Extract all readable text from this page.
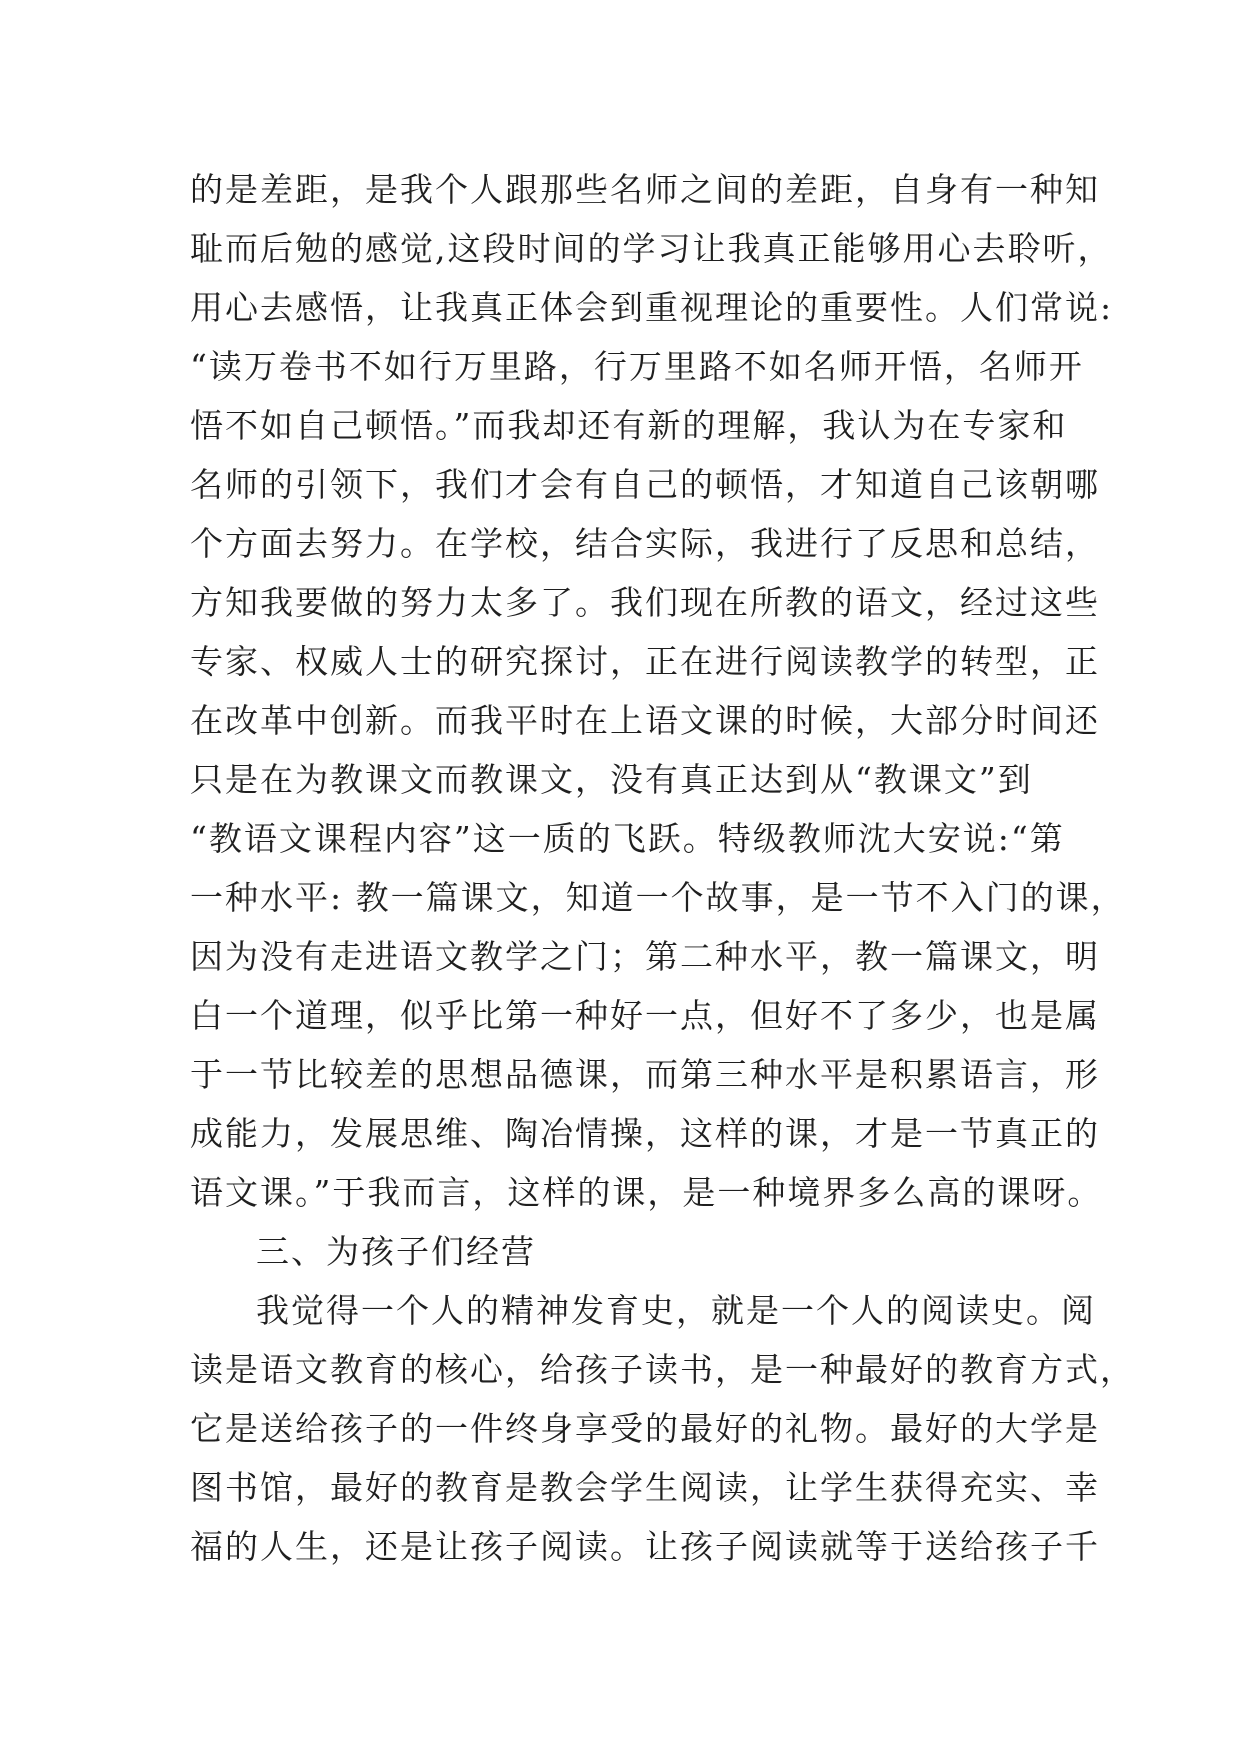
的是差距，是我个人跟那些名师之间的差距，自身有一种知
耻而后勉的感觉,这段时间的学习让我真正能够用心去聆听，
用心去感悟，让我真正体会到重视理论的重要性。人们常说:
“读万卷书不如行万里路，行万里路不如名师开悟，名师开
悟不如自己顿悟。”而我却还有新的理解，我认为在专家和
名师的引领下，我们才会有自己的顿悟，才知道自己该朝哪
个方面去努力。在学校，结合实际，我进行了反思和总结，
方知我要做的努力太多了。我们现在所教的语文，经过这些
专家、权威人士的研究探讨，正在进行阅读教学的转型，正
在改革中创新。而我平时在上语文课的时候，大部分时间还
只是在为教课文而教课文，没有真正达到从“教课文”到
“教语文课程内容”这一质的飞跃。特级教师沈大安说:“第
一种水平: 教一篇课文，知道一个故事，是一节不入门的课，
因为没有走进语文教学之门；第二种水平，教一篇课文，明
白一个道理，似乎比第一种好一点，但好不了多少，也是属
于一节比较差的思想品德课，而第三种水平是积累语言，形
成能力，发展思维、陶冶情操，这样的课，才是一节真正的
语文课。”于我而言，这样的课，是一种境界多么高的课呀。
三、为孩子们经营
我觉得一个人的精神发育史，就是一个人的阅读史。阅
读是语文教育的核心，给孩子读书，是一种最好的教育方式，
它是送给孩子的一件终身享受的最好的礼物。最好的大学是
图书馆，最好的教育是教会学生阅读，让学生获得充实、幸
福的人生，还是让孩子阅读。让孩子阅读就等于送给孩子千
